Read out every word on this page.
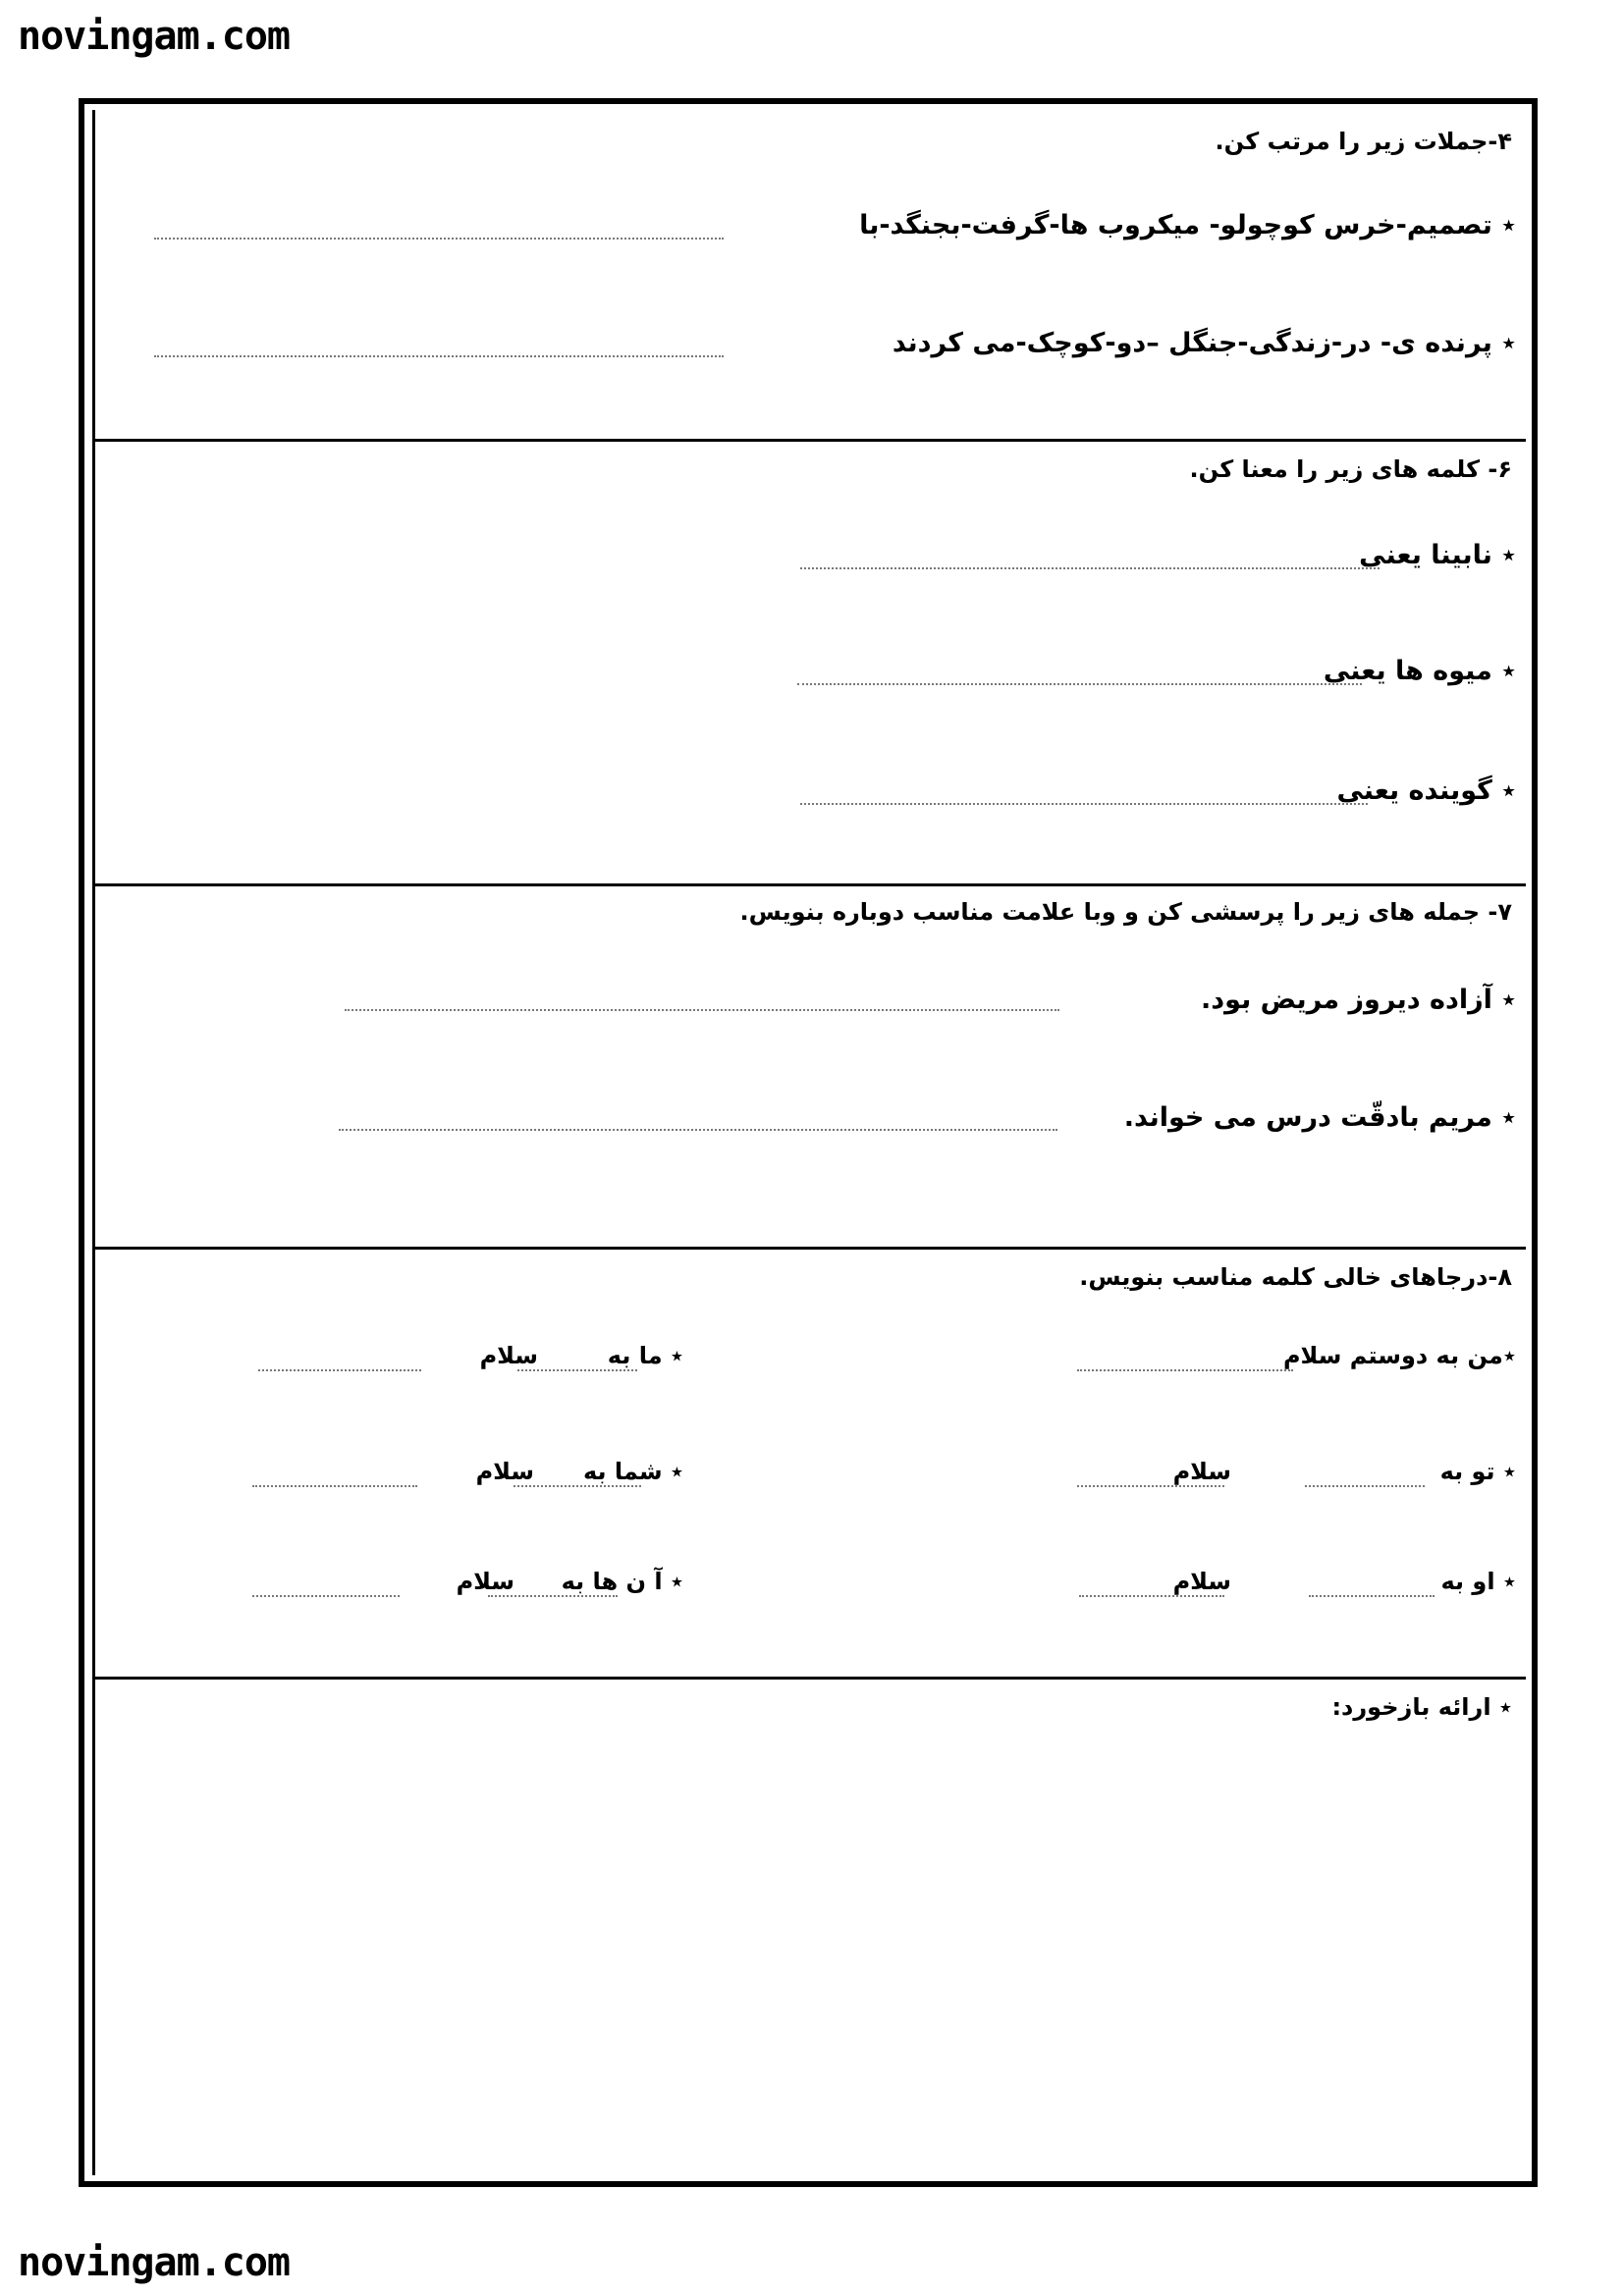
novingam.com
۴-جملات زیر را مرتب کن.
٭ تصمیم-خرس کوچولو- میکروب ها-گرفت-بجنگد-با
٭ پرنده ی- در-زندگی-جنگل –دو-کوچک-می کردند
۶- کلمه های زیر را معنا کن.
٭ نابینا یعنی
٭ میوه ها یعنی
٭ گوینده یعنی
۷- جمله های زیر را پرسشی کن و وبا علامت مناسب دوباره بنویس.
٭ آزاده دیروز مریض بود.
٭ مریم بادقّت درس می خواند.
۸-درجاهای خالی کلمه مناسب بنویس.
٭من به دوستم سلام
٭ تو به
سلام
٭ او به
سلام
٭ ما به
سلام
٭ شما به
سلام
٭ آ ن ها به
سلام
٭ ارائه بازخورد:
novingam.com
